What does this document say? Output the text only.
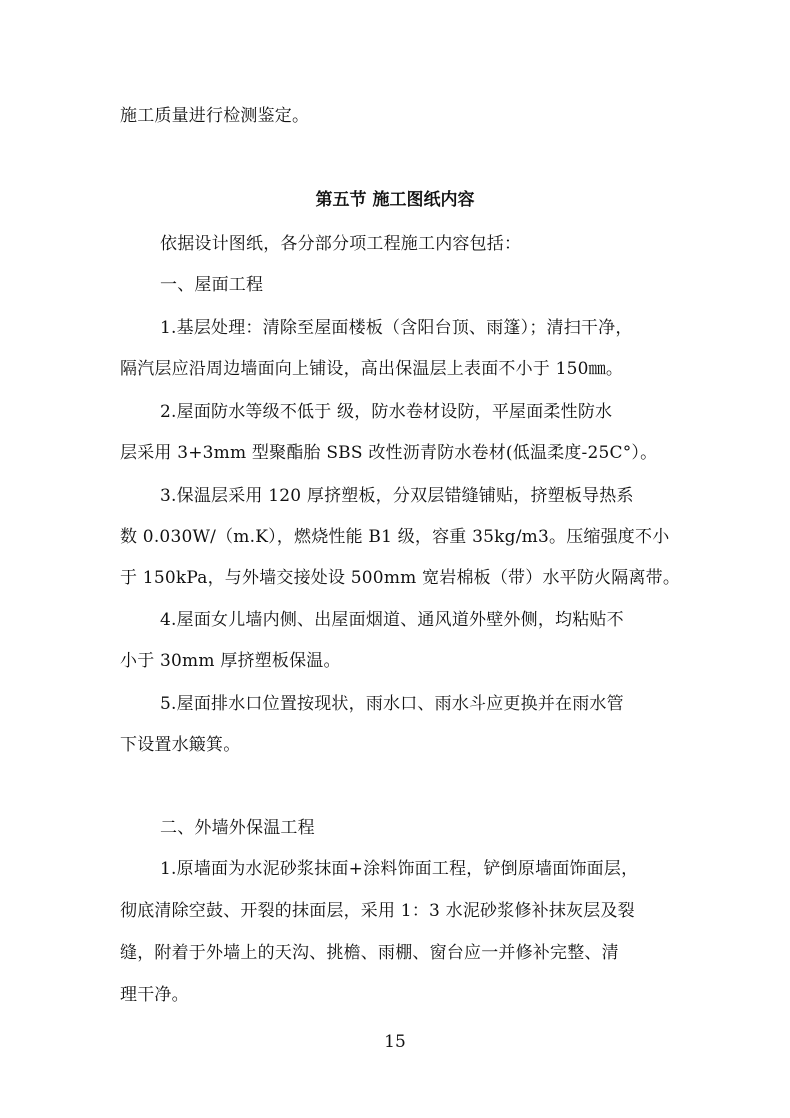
施工质量进行检测鉴定。
第五节 施工图纸内容
依据设计图纸，各分部分项工程施工内容包括：
一、屋面工程
1.基层处理：清除至屋面楼板（含阳台顶、雨篷）；清扫干净，
隔汽层应沿周边墙面向上铺设，高出保温层上表面不小于 150㎜。
2.屋面防水等级不低于 级，防水卷材设防，平屋面柔性防水
层采用 3+3mm 型聚酯胎 SBS 改性沥青防水卷材(低温柔度-25C°）。
3.保温层采用 120 厚挤塑板，分双层错缝铺贴，挤塑板导热系
数 0.030W/（m.K），燃烧性能 B1 级，容重 35kg/m3。压缩强度不小
于 150kPa，与外墙交接处设 500mm 宽岩棉板（带）水平防火隔离带。
4.屋面女儿墙内侧、出屋面烟道、通风道外壁外侧，均粘贴不
小于 30mm 厚挤塑板保温。
5.屋面排水口位置按现状，雨水口、雨水斗应更换并在雨水管
下设置水簸箕。
二、外墙外保温工程
1.原墙面为水泥砂浆抹面+涂料饰面工程，铲倒原墙面饰面层，
彻底清除空鼓、开裂的抹面层，采用 1：3 水泥砂浆修补抹灰层及裂
缝，附着于外墙上的天沟、挑檐、雨棚、窗台应一并修补完整、清
理干净。
15
